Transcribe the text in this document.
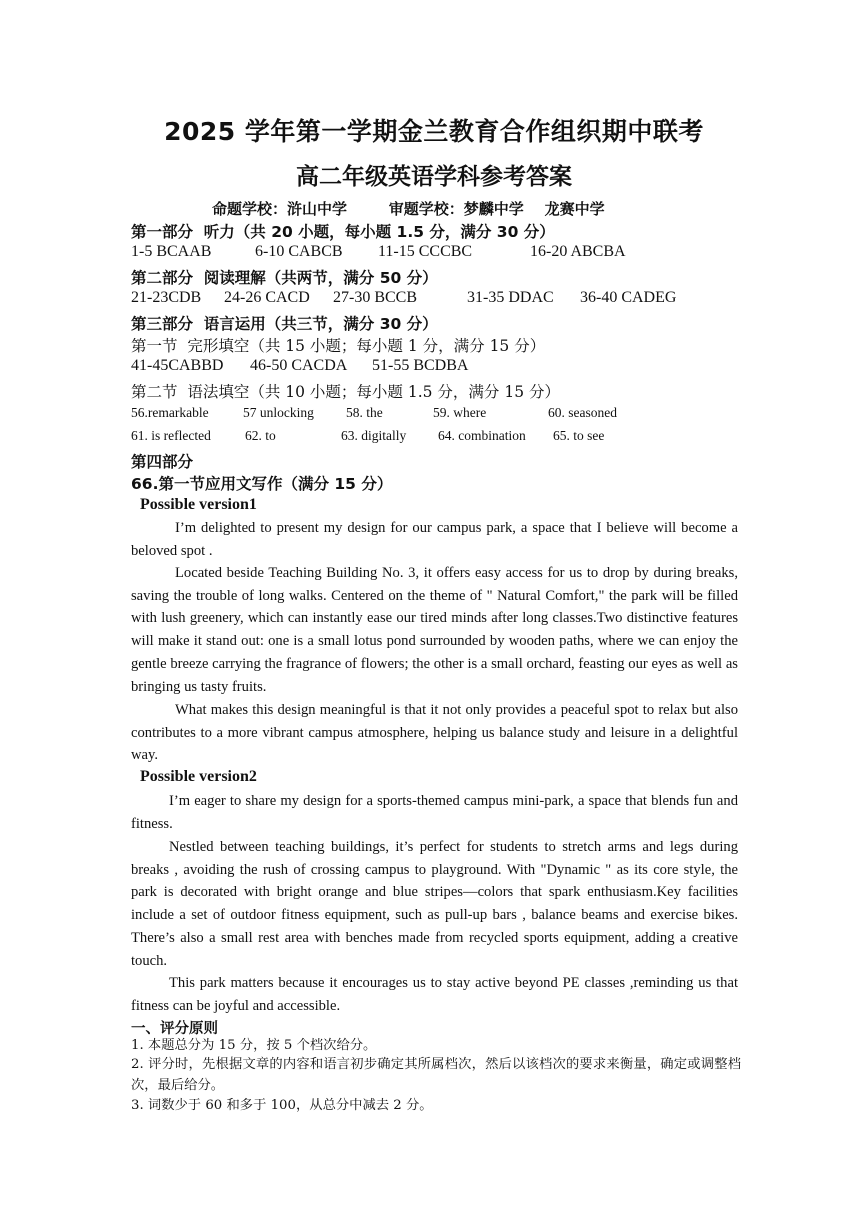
2025 学年第一学期金兰教育合作组织期中联考
高二年级英语学科参考答案
命题学校：浒山中学        审题学校：梦麟中学    龙赛中学
第一部分  听力（共 20 小题，每小题 1.5 分，满分 30 分）
1-5 BCAAB	6-10 CABCB 11-15 CCCBC	16-20 ABCBA
第二部分  阅读理解（共两节，满分 50 分）
21-23CDB 24-26 CACD 27-30 BCCB	31-35 DDAC 36-40 CADEG
第三部分  语言运用（共三节，满分 30 分）
第一节  完形填空（共 15 小题；每小题 1 分，满分 15 分）
41-45CABBD 46-50 CACDA 51-55 BCDBA
第二节  语法填空（共 10 小题；每小题 1.5 分，满分 15 分）
56.remarkable	57 unlocking 58. the	59. where	60. seasoned
61. is reflected	62. to	63. digitally 64. combination 65. to see
第四部分
66.第一节应用文写作（满分 15 分）
Possible version1

I’m delighted to present my design for our campus park, a space that I believe will become a beloved spot .

Located beside Teaching Building No. 3, it offers easy access for us to drop by during breaks, saving the trouble of long walks. Centered on the theme of " Natural Comfort," the park will be filled with lush greenery, which can instantly ease our tired minds after long classes.Two distinctive features will make it stand out: one is a small lotus pond surrounded by wooden paths, where we can enjoy the gentle breeze carrying the fragrance of flowers; the other is a small orchard, feasting our eyes as well as bringing us tasty fruits.

What makes this design meaningful is that it not only provides a peaceful spot to relax but also contributes to a more vibrant campus atmosphere, helping us balance study and leisure in a delightful way.

Possible version2

I’m eager to share my design for a sports-themed campus mini-park, a space that blends fun and fitness.

Nestled between teaching buildings, it’s perfect for students to stretch arms and legs during breaks , avoiding the rush of crossing campus to playground. With "Dynamic " as its core style, the park is decorated with bright orange and blue stripes—colors that spark enthusiasm.Key facilities include a set of outdoor fitness equipment, such as pull-up bars , balance beams and exercise bikes. There’s also a small rest area with benches made from recycled sports equipment, adding a creative touch.

This park matters because it encourages us to stay active beyond PE classes ,reminding us that fitness can be joyful and accessible.

一、评分原则

1. 本题总分为 15 分，按 5 个档次给分。

2. 评分时，先根据文章的内容和语言初步确定其所属档次，然后以该档次的要求来衡量，确定或调整档次，最后给分。

3. 词数少于 60 和多于 100，从总分中减去 2 分。
